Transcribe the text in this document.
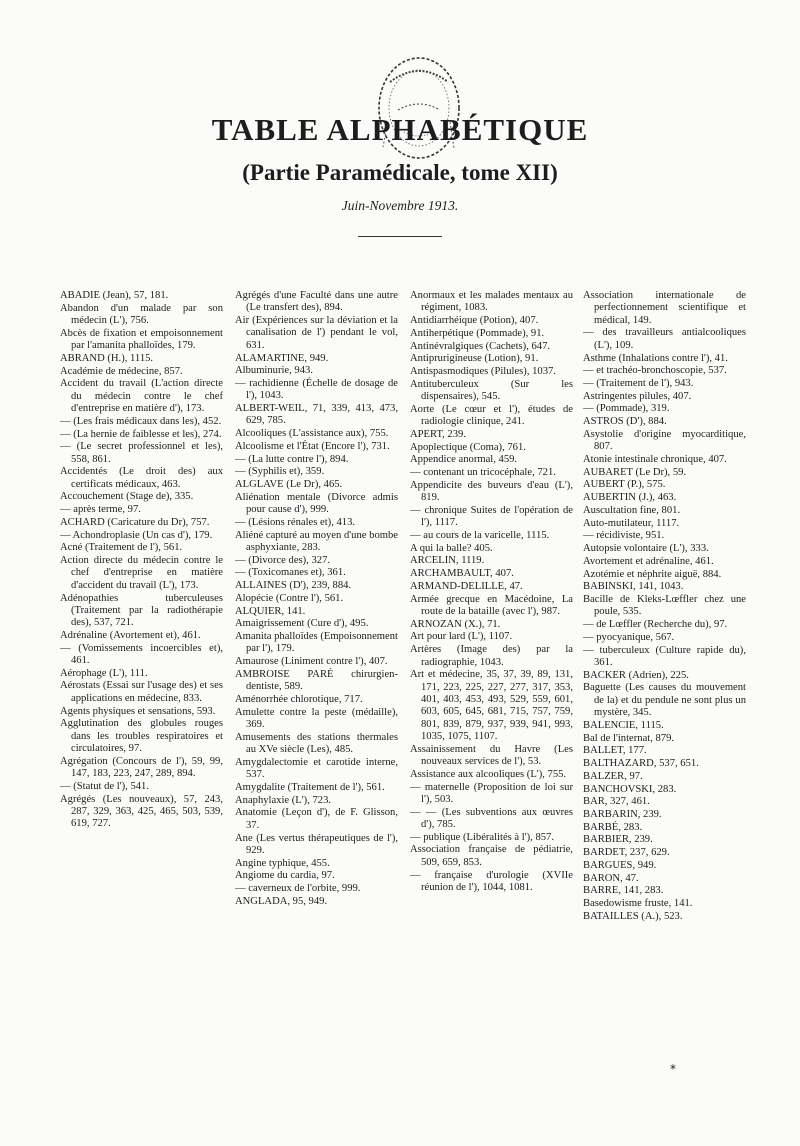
TABLE ALPHABÉTIQUE
(Partie Paramédicale, tome XII)
Juin-Novembre 1913.
ABADIE (Jean), 57, 181.
Abandon d'un malade par son médecin (L'), 756.
Abcès de fixation et empoisonnement par l'amanita phalloïdes, 179.
ABRAND (H.), 1115.
Académie de médecine, 857.
Accident du travail (L'action directe du médecin contre le chef d'entreprise en matière d'), 173.
— (Les frais médicaux dans les), 452.
— (La hernie de faiblesse et les), 274.
— (Le secret professionnel et les), 558, 861.
Accidentés (Le droit des) aux certificats médicaux, 463.
Accouchement (Stage de), 335.
— après terme, 97.
ACHARD (Caricature du Dr), 757.
— Achondroplasie (Un cas d'), 179.
Acné (Traitement de l'), 561.
Action directe du médecin contre le chef d'entreprise en matière d'accident du travail (L'), 173.
Adénopathies tuberculeuses (Traitement par la radiothérapie des), 537, 721.
Adrénaline (Avortement et), 461.
— (Vomissements incoercibles et), 461.
Aérophage (L'), 111.
Aérostats (Essai sur l'usage des) et ses applications en médecine, 833.
Agents physiques et sensations, 593.
Agglutination des globules rouges dans les troubles respiratoires et circulatoires, 97.
Agrégation (Concours de l'), 59, 99, 147, 183, 223, 247, 289, 894.
— (Statut de l'), 541.
Agrégés (Les nouveaux), 57, 243, 287, 329, 363, 425, 465, 503, 539, 619, 727.
Agrégés d'une Faculté dans une autre (Le transfert des), 894.
Air (Expériences sur la déviation et la canalisation de l') pendant le vol, 631.
ALAMARTINE, 949.
Albuminurie, 943.
— rachidienne (Échelle de dosage de l'), 1043.
ALBERT-WEIL, 71, 339, 413, 473, 629, 785.
Alcooliques (L'assistance aux), 755.
Alcoolisme et l'État (Encore l'), 731.
— (La lutte contre l'), 894.
— (Syphilis et), 359.
ALGLAVE (Le Dr), 465.
Aliénation mentale (Divorce admis pour cause d'), 999.
— (Lésions rénales et), 413.
Aliéné capturé au moyen d'une bombe asphyxiante, 283.
— (Divorce des), 327.
— (Toxicomanes et), 361.
ALLAINES (D'), 239, 884.
Alopécie (Contre l'), 561.
ALQUIER, 141.
Amaigrissement (Cure d'), 495.
Amanita phalloïdes (Empoisonnement par l'), 179.
Amaurose (Liniment contre l'), 407.
AMBROISE PARÉ chirurgien-dentiste, 589.
Aménorrhée chlorotique, 717.
Amulette contre la peste (médaille), 369.
Amusements des stations thermales au XVe siècle (Les), 485.
Amygdalectomie et carotide interne, 537.
Amygdalite (Traitement de l'), 561.
Anaphylaxie (L'), 723.
Anatomie (Leçon d'), de F. Glisson, 37.
Ane (Les vertus thérapeutiques de l'), 929.
Angine typhique, 455.
Angiome du cardia, 97.
— caverneux de l'orbite, 999.
ANGLADA, 95, 949.
Anormaux et les malades mentaux au régiment, 1083.
Antidiarrhéique (Potion), 407.
Antiherpétique (Pommade), 91.
Antinévralgiques (Cachets), 647.
Antiprurigineuse (Lotion), 91.
Antispasmodiques (Pilules), 1037.
Antituberculeux (Sur les dispensaires), 545.
Aorte (Le cœur et l'), études de radiologie clinique, 241.
APERT, 239.
Apoplectique (Coma), 761.
Appendice anormal, 459.
— contenant un tricocéphale, 721.
Appendicite des buveurs d'eau (L'), 819.
— chronique Suites de l'opération de l'), 1117.
— au cours de la varicelle, 1115.
A qui la balle? 405.
ARCELIN, 1119.
ARCHAMBAULT, 407.
ARMAND-DELILLE, 47.
Armée grecque en Macédoine, La route de la bataille (avec l'), 987.
ARNOZAN (X.), 71.
Art pour lard (L'), 1107.
Artères (Image des) par la radiographie, 1043.
Art et médecine, 35, 37, 39, 89, 131, 171, 223, 225, 227, 277, 317, 353, 401, 403, 453, 493, 529, 559, 601, 603, 605, 645, 681, 715, 757, 759, 801, 839, 879, 937, 939, 941, 993, 1035, 1075, 1107.
Assainissement du Havre (Les nouveaux services de l'), 53.
Assistance aux alcooliques (L'), 755.
— maternelle (Proposition de loi sur l'), 503.
— — (Les subventions aux œuvres d'), 785.
— publique (Libéralités à l'), 857.
Association française de pédiatrie, 509, 659, 853.
— française d'urologie (XVIIe réunion de l'), 1044, 1081.
Association internationale de perfectionnement scientifique et médical, 149.
— des travailleurs antialcooliques (L'), 109.
Asthme (Inhalations contre l'), 41.
— et trachéo-bronchoscopie, 537.
— (Traitement de l'), 943.
Astringentes pilules, 407.
— (Pommade), 319.
ASTROS (D'), 884.
Asystolie d'origine myocarditique, 807.
Atonie intestinale chronique, 407.
AUBARET (Le Dr), 59.
AUBERT (P.), 575.
AUBERTIN (J.), 463.
Auscultation fine, 801.
Auto-mutilateur, 1117.
— récidiviste, 951.
Autopsie volontaire (L'), 333.
Avortement et adrénaline, 461.
Azotémie et néphrite aiguë, 884.
BABINSKI, 141, 1043.
Bacille de Kleks-Lœffler chez une poule, 535.
— de Lœffler (Recherche du), 97.
— pyocyanique, 567.
— tuberculeux (Culture rapide du), 361.
BACKER (Adrien), 225.
Baguette (Les causes du mouvement de la) et du pendule ne sont plus un mystère, 345.
BALENCIE, 1115.
Bal de l'internat, 879.
BALLET, 177.
BALTHAZARD, 537, 651.
BALZER, 97.
BANCHOVSKI, 283.
BAR, 327, 461.
BARBARIN, 239.
BARBÉ, 283.
BARBIER, 239.
BARDET, 237, 629.
BARGUES, 949.
BARON, 47.
BARRE, 141, 283.
Basedowisme fruste, 141.
BATAILLES (A.), 523.
*
